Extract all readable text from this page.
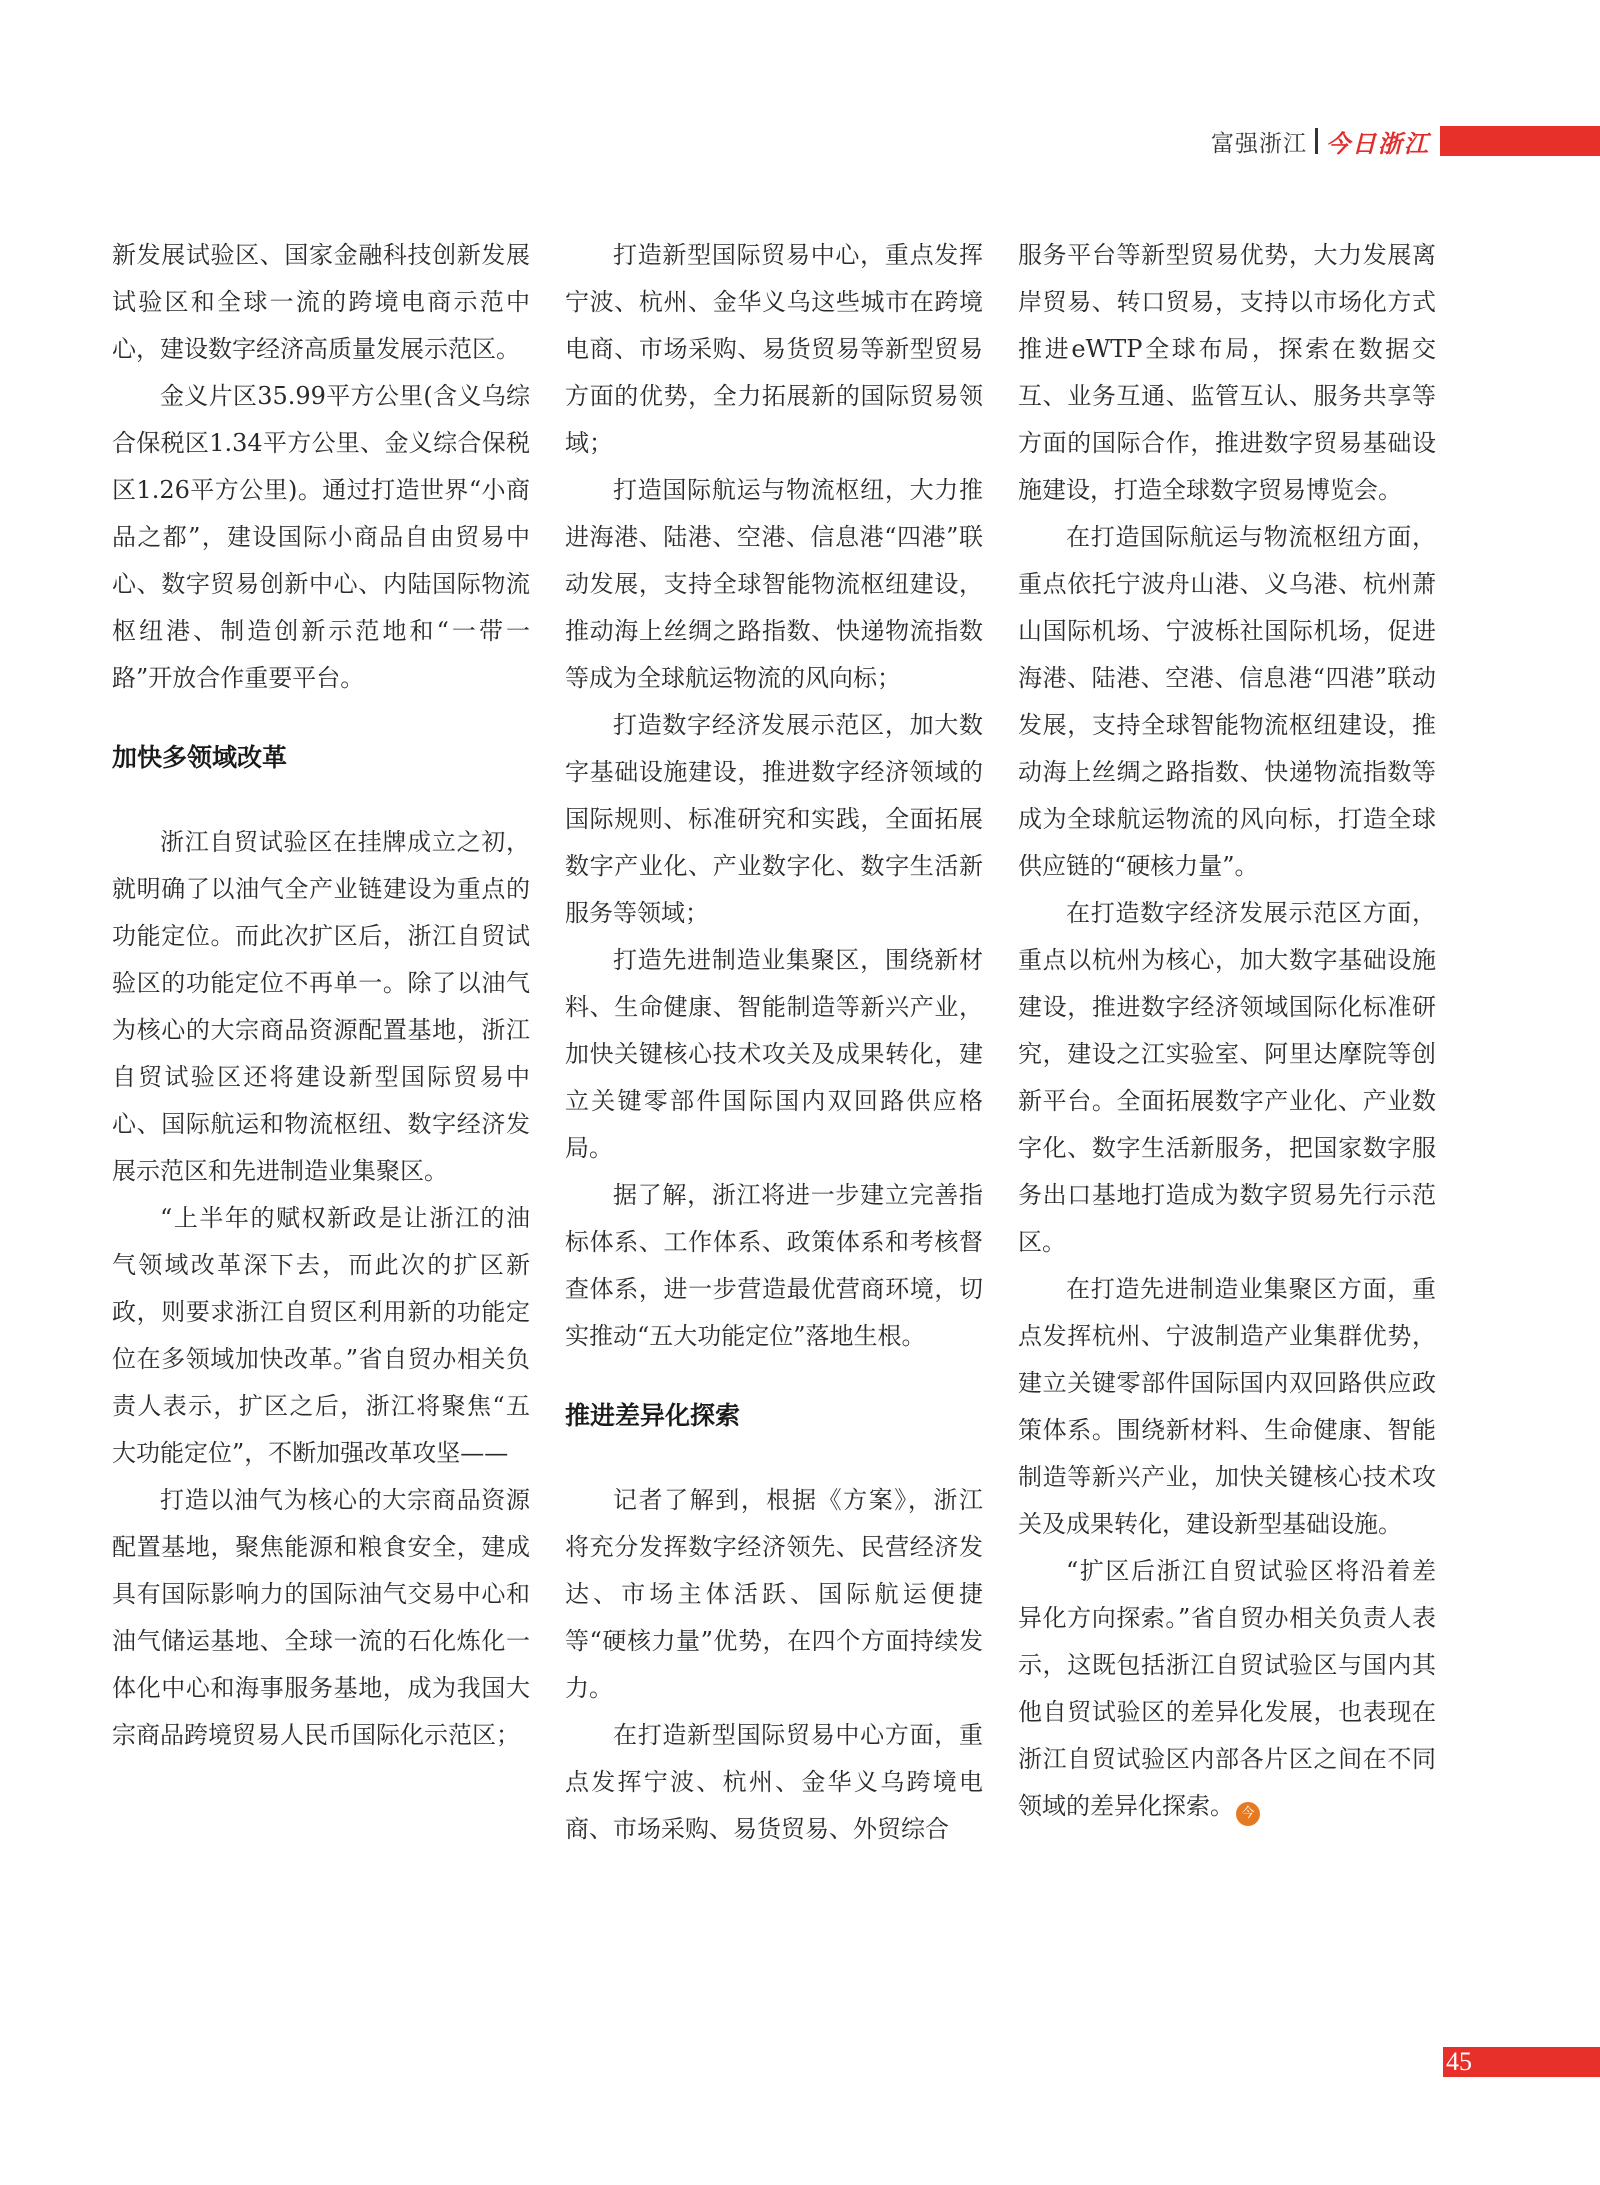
富强浙江 今日浙江

新发展试验区、国家金融科技创新发展试验区和全球一流的跨境电商示范中心，建设数字经济高质量发展示范区。

金义片区35.99平方公里(含义乌综合保税区1.34平方公里、金义综合保税区1.26平方公里)。通过打造世界“小商品之都”，建设国际小商品自由贸易中心、数字贸易创新中心、内陆国际物流枢纽港、制造创新示范地和“一带一路”开放合作重要平台。

加快多领域改革

浙江自贸试验区在挂牌成立之初，就明确了以油气全产业链建设为重点的功能定位。而此次扩区后，浙江自贸试验区的功能定位不再单一。除了以油气为核心的大宗商品资源配置基地，浙江自贸试验区还将建设新型国际贸易中心、国际航运和物流枢纽、数字经济发展示范区和先进制造业集聚区。

“上半年的赋权新政是让浙江的油气领域改革深下去，而此次的扩区新政，则要求浙江自贸区利用新的功能定位在多领域加快改革。”省自贸办相关负责人表示，扩区之后，浙江将聚焦“五大功能定位”，不断加强改革攻坚——

打造以油气为核心的大宗商品资源配置基地，聚焦能源和粮食安全，建成具有国际影响力的国际油气交易中心和油气储运基地、全球一流的石化炼化一体化中心和海事服务基地，成为我国大宗商品跨境贸易人民币国际化示范区；

打造新型国际贸易中心，重点发挥宁波、杭州、金华义乌这些城市在跨境电商、市场采购、易货贸易等新型贸易方面的优势，全力拓展新的国际贸易领域；

打造国际航运与物流枢纽，大力推进海港、陆港、空港、信息港“四港”联动发展，支持全球智能物流枢纽建设，推动海上丝绸之路指数、快递物流指数等成为全球航运物流的风向标；

打造数字经济发展示范区，加大数字基础设施建设，推进数字经济领域的国际规则、标准研究和实践，全面拓展数字产业化、产业数字化、数字生活新服务等领域；

打造先进制造业集聚区，围绕新材料、生命健康、智能制造等新兴产业，加快关键核心技术攻关及成果转化，建立关键零部件国际国内双回路供应格局。

据了解，浙江将进一步建立完善指标体系、工作体系、政策体系和考核督查体系，进一步营造最优营商环境，切实推动“五大功能定位”落地生根。

推进差异化探索

记者了解到，根据《方案》，浙江将充分发挥数字经济领先、民营经济发达、市场主体活跃、国际航运便捷等“硬核力量”优势，在四个方面持续发力。

在打造新型国际贸易中心方面，重点发挥宁波、杭州、金华义乌跨境电商、市场采购、易货贸易、外贸综合

服务平台等新型贸易优势，大力发展离岸贸易、转口贸易，支持以市场化方式推进eWTP全球布局，探索在数据交互、业务互通、监管互认、服务共享等方面的国际合作，推进数字贸易基础设施建设，打造全球数字贸易博览会。

在打造国际航运与物流枢纽方面，重点依托宁波舟山港、义乌港、杭州萧山国际机场、宁波栎社国际机场，促进海港、陆港、空港、信息港“四港”联动发展，支持全球智能物流枢纽建设，推动海上丝绸之路指数、快递物流指数等成为全球航运物流的风向标，打造全球供应链的“硬核力量”。

在打造数字经济发展示范区方面，重点以杭州为核心，加大数字基础设施建设，推进数字经济领域国际化标准研究，建设之江实验室、阿里达摩院等创新平台。全面拓展数字产业化、产业数字化、数字生活新服务，把国家数字服务出口基地打造成为数字贸易先行示范区。

在打造先进制造业集聚区方面，重点发挥杭州、宁波制造产业集群优势，建立关键零部件国际国内双回路供应政策体系。围绕新材料、生命健康、智能制造等新兴产业，加快关键核心技术攻关及成果转化，建设新型基础设施。

“扩区后浙江自贸试验区将沿着差异化方向探索。”省自贸办相关负责人表示，这既包括浙江自贸试验区与国内其他自贸试验区的差异化发展，也表现在浙江自贸试验区内部各片区之间在不同领域的差异化探索。 今

45
